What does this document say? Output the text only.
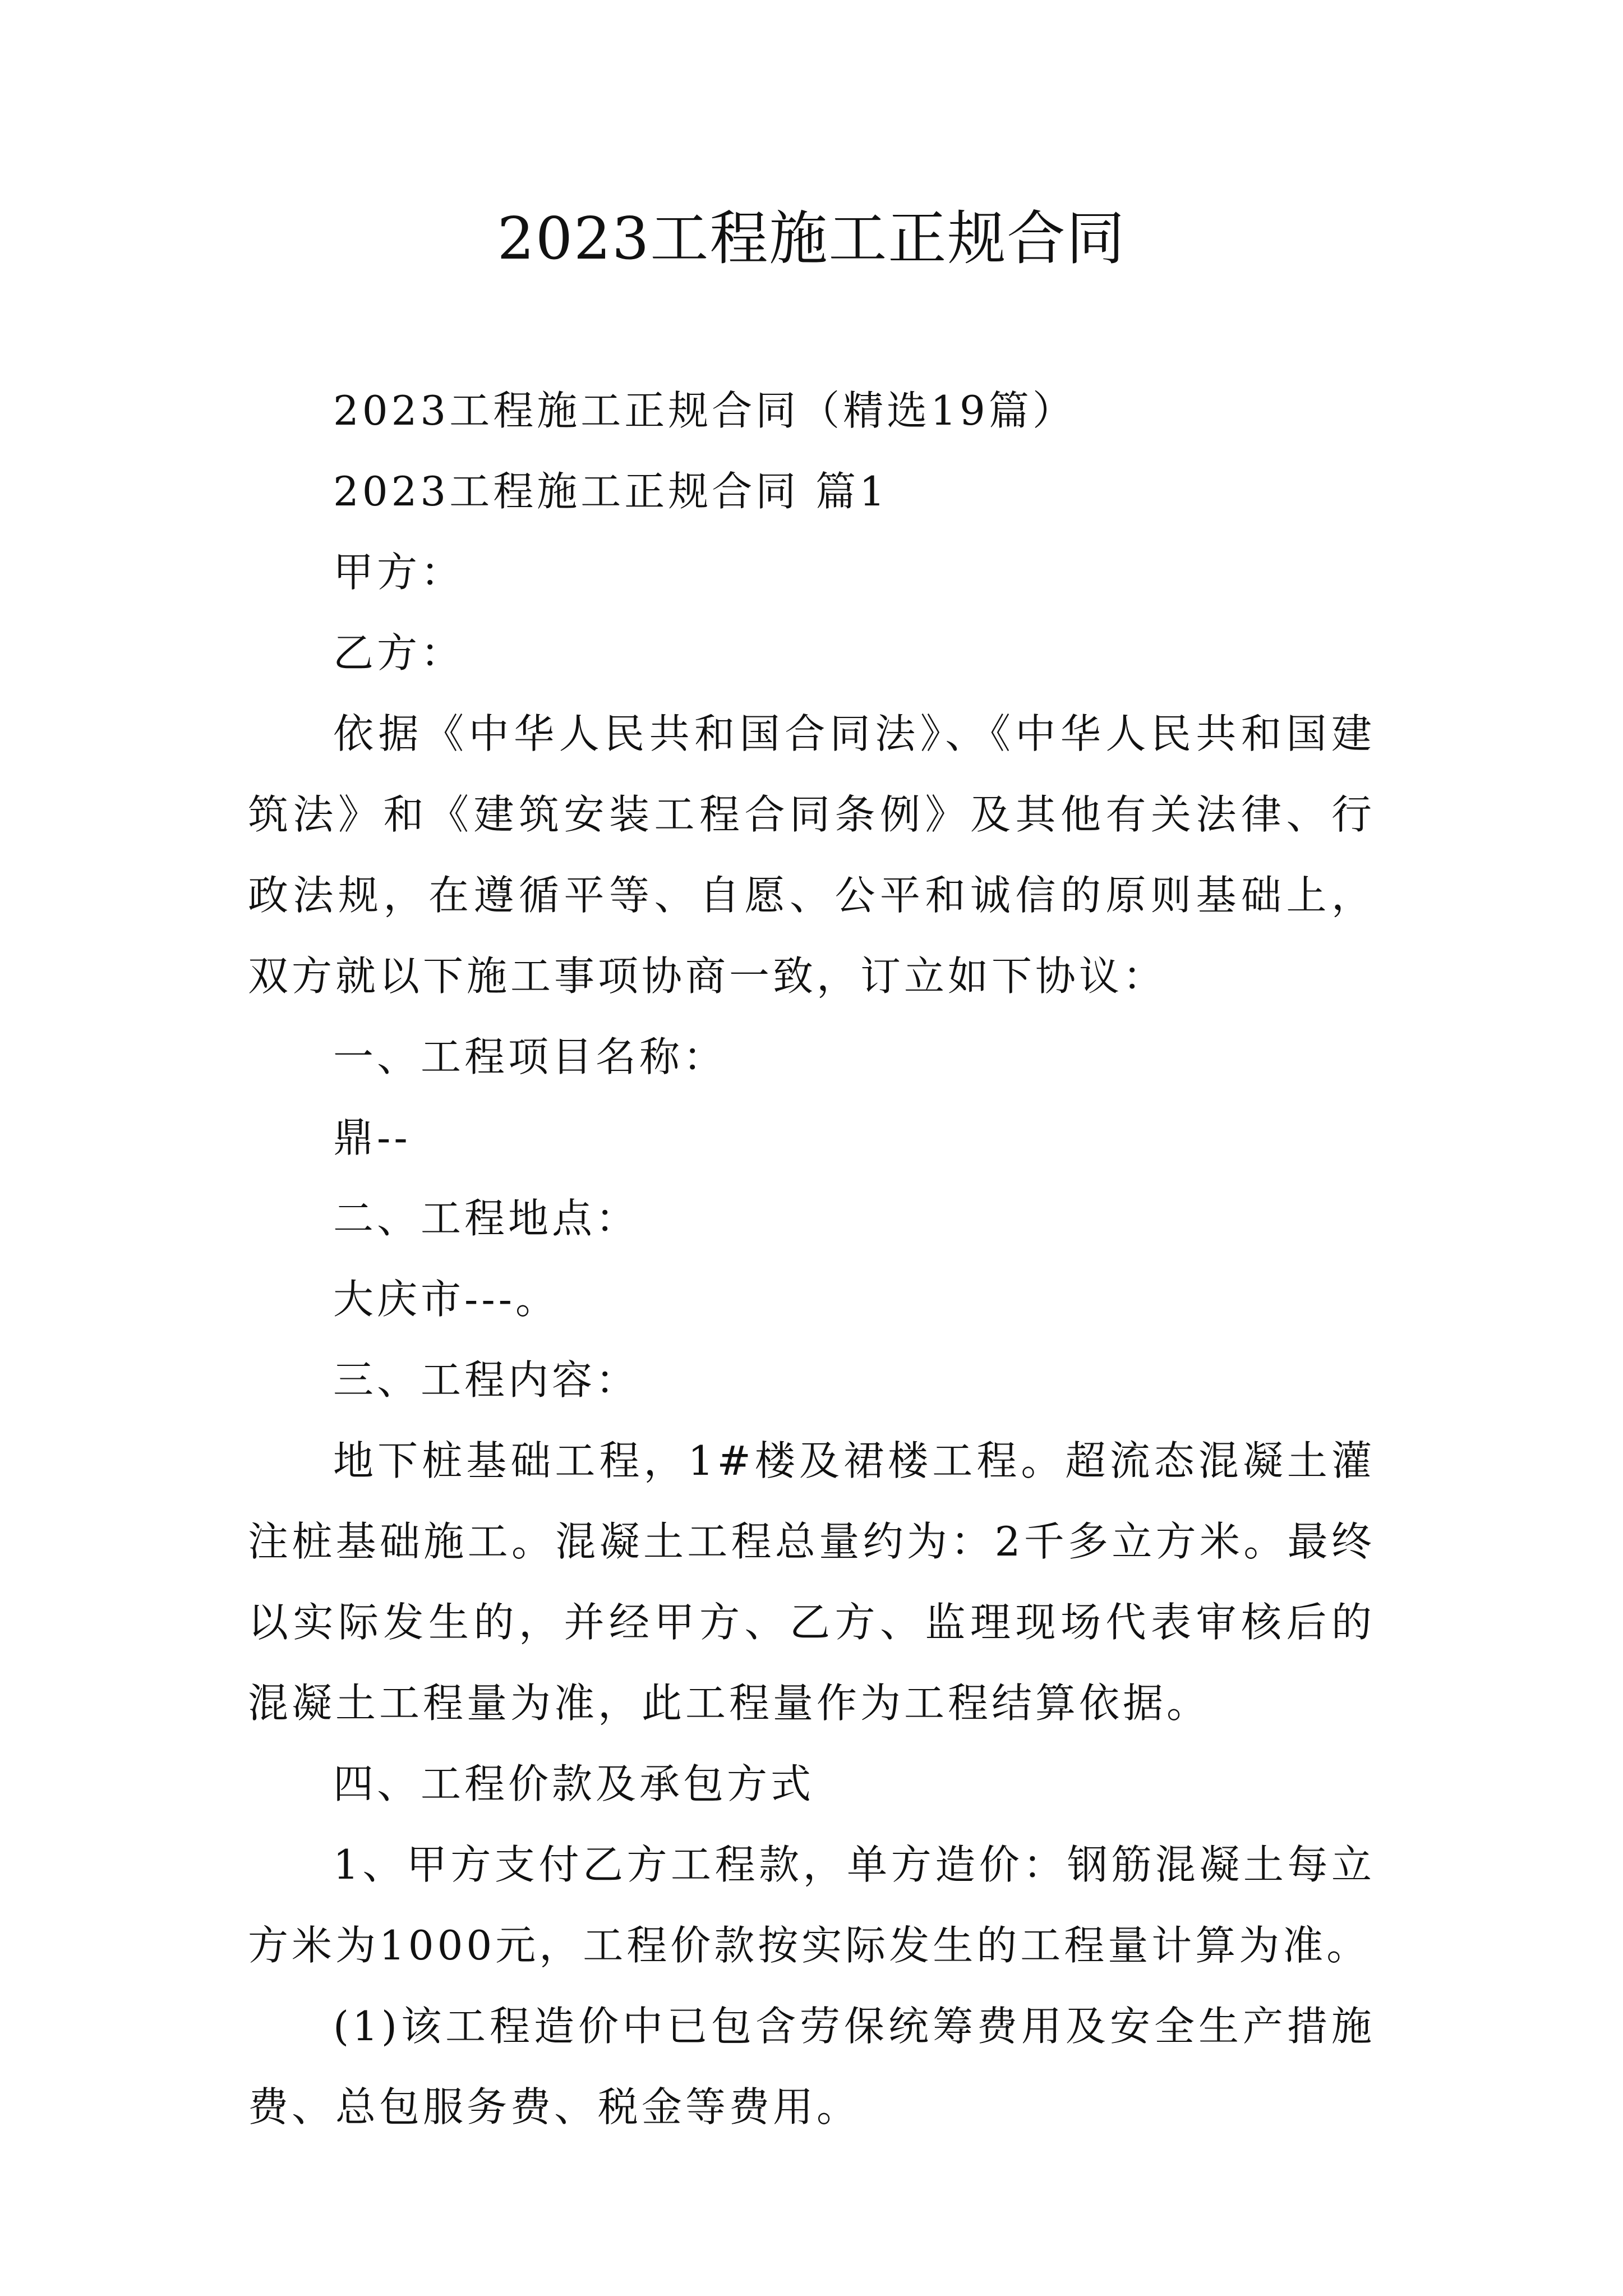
2023工程施工正规合同

2023工程施工正规合同（精选19篇）

2023工程施工正规合同 篇1

甲方：

乙方：

依据《中华人民共和国合同法》、《中华人民共和国建筑法》和《建筑安装工程合同条例》及其他有关法律、行政法规，在遵循平等、自愿、公平和诚信的原则基础上，双方就以下施工事项协商一致，订立如下协议：

一、工程项目名称：

鼎--

二、工程地点：

大庆市---。

三、工程内容：

地下桩基础工程，1#楼及裙楼工程。超流态混凝土灌注桩基础施工。混凝土工程总量约为：2千多立方米。最终以实际发生的，并经甲方、乙方、监理现场代表审核后的混凝土工程量为准，此工程量作为工程结算依据。

四、工程价款及承包方式

1、甲方支付乙方工程款，单方造价：钢筋混凝土每立方米为1000元，工程价款按实际发生的工程量计算为准。

(1)该工程造价中已包含劳保统筹费用及安全生产措施费、总包服务费、税金等费用。
